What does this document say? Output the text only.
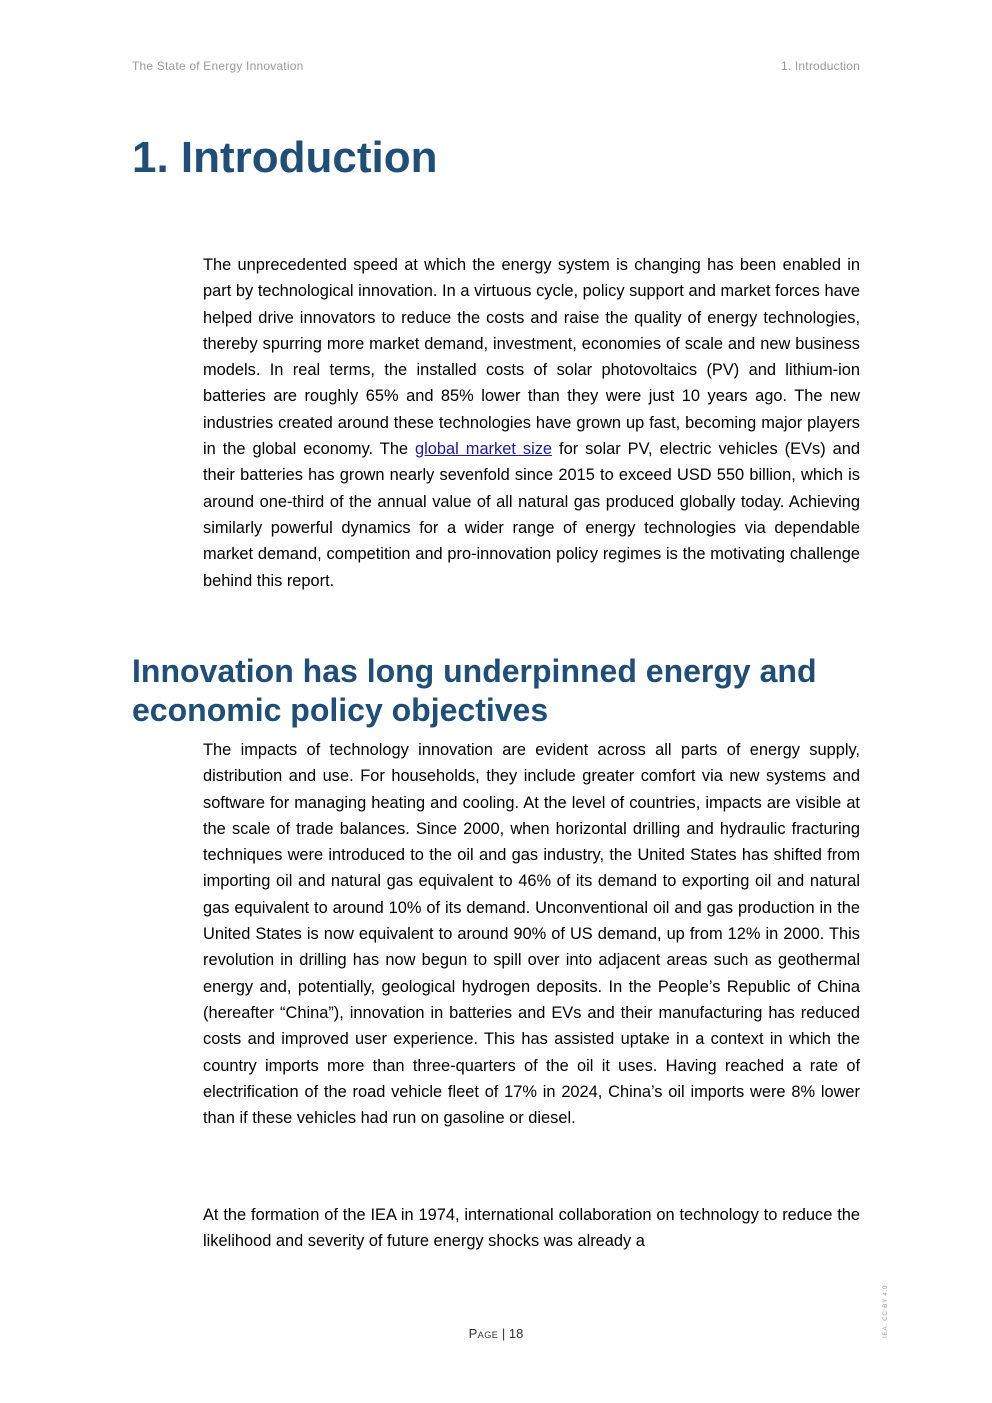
The State of Energy Innovation	1. Introduction
1. Introduction

The unprecedented speed at which the energy system is changing has been enabled in part by technological innovation. In a virtuous cycle, policy support and market forces have helped drive innovators to reduce the costs and raise the quality of energy technologies, thereby spurring more market demand, investment, economies of scale and new business models. In real terms, the installed costs of solar photovoltaics (PV) and lithium-ion batteries are roughly 65% and 85% lower than they were just 10 years ago. The new industries created around these technologies have grown up fast, becoming major players in the global economy. The global market size for solar PV, electric vehicles (EVs) and their batteries has grown nearly sevenfold since 2015 to exceed USD 550 billion, which is around one-third of the annual value of all natural gas produced globally today. Achieving similarly powerful dynamics for a wider range of energy technologies via dependable market demand, competition and pro-innovation policy regimes is the motivating challenge behind this report.

Innovation has long underpinned energy and economic policy objectives

The impacts of technology innovation are evident across all parts of energy supply, distribution and use. For households, they include greater comfort via new systems and software for managing heating and cooling. At the level of countries, impacts are visible at the scale of trade balances. Since 2000, when horizontal drilling and hydraulic fracturing techniques were introduced to the oil and gas industry, the United States has shifted from importing oil and natural gas equivalent to 46% of its demand to exporting oil and natural gas equivalent to around 10% of its demand. Unconventional oil and gas production in the United States is now equivalent to around 90% of US demand, up from 12% in 2000. This revolution in drilling has now begun to spill over into adjacent areas such as geothermal energy and, potentially, geological hydrogen deposits. In the People’s Republic of China (hereafter “China”), innovation in batteries and EVs and their manufacturing has reduced costs and improved user experience. This has assisted uptake in a context in which the country imports more than three-quarters of the oil it uses. Having reached a rate of electrification of the road vehicle fleet of 17% in 2024, China’s oil imports were 8% lower than if these vehicles had run on gasoline or diesel.

At the formation of the IEA in 1974, international collaboration on technology to reduce the likelihood and severity of future energy shocks was already a

Page | 18	IEA. CC BY 4.0.
